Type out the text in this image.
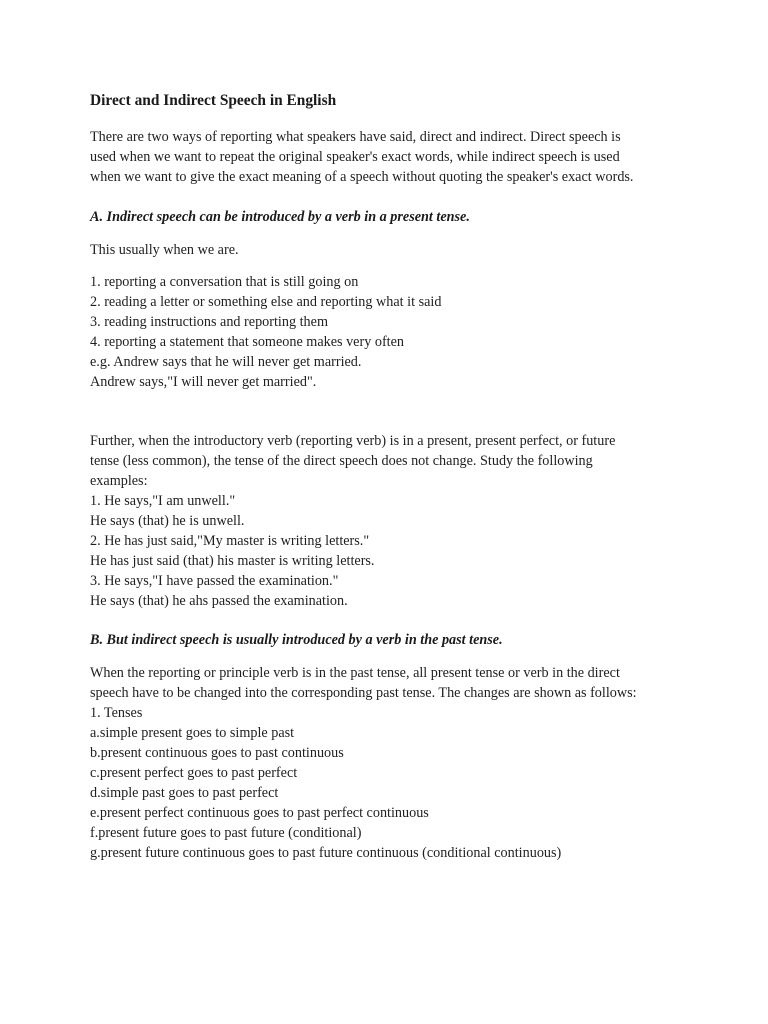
Direct and Indirect Speech in English
There are two ways of reporting what speakers have said, direct and indirect. Direct speech is
used when we want to repeat the original speaker's exact words, while indirect speech is used
when we want to give the exact meaning of a speech without quoting the speaker's exact words.
A. Indirect speech can be introduced by a verb in a present tense.
This usually when we are.
1. reporting a conversation that is still going on
2. reading a letter or something else and reporting what it said
3. reading instructions and reporting them
4. reporting a statement that someone makes very often
e.g. Andrew says that he will never get married.
Andrew says,"I will never get married".
Further, when the introductory verb (reporting verb) is in a present, present perfect, or future
tense (less common), the tense of the direct speech does not change. Study the following
examples:
1. He says,"I am unwell."
He says (that) he is unwell.
2. He has just said,"My master is writing letters."
He has just said (that) his master is writing letters.
3. He says,"I have passed the examination."
He says (that) he ahs passed the examination.
B. But indirect speech is usually introduced by a verb in the past tense.
When the reporting or principle verb is in the past tense, all present tense or verb in the direct
speech have to be changed into the corresponding past tense. The changes are shown as follows:
1. Tenses
a.simple present goes to simple past
b.present continuous goes to past continuous
c.present perfect goes to past perfect
d.simple past goes to past perfect
e.present perfect continuous goes to past perfect continuous
f.present future goes to past future (conditional)
g.present future continuous goes to past future continuous (conditional continuous)
